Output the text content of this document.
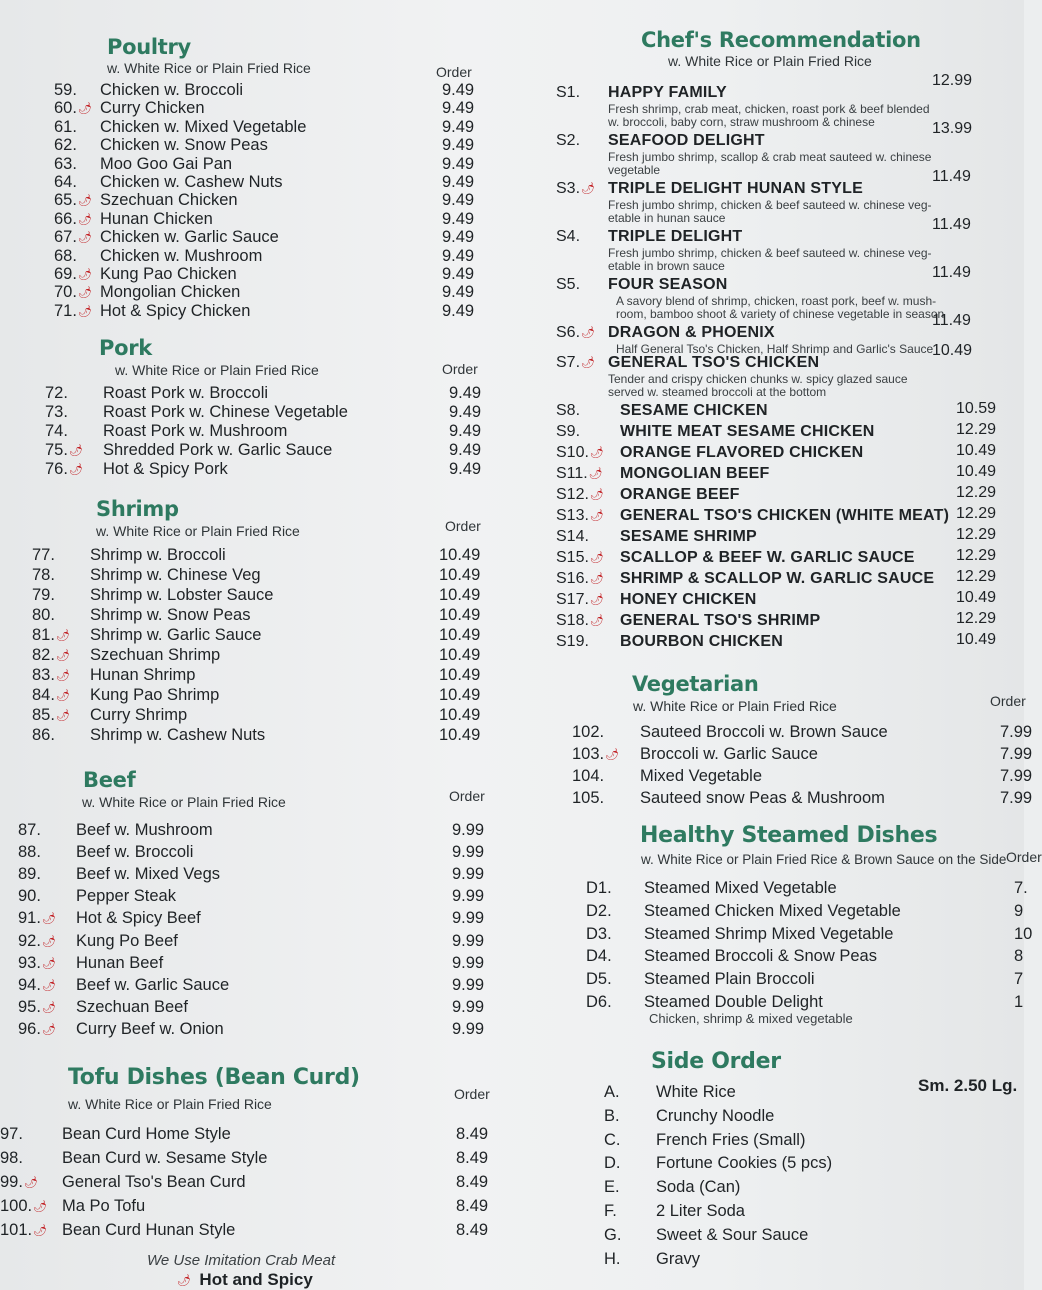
Poultry
w. White Rice or Plain Fried Rice	Order
59.	Chicken w. Broccoli	9.49
60.🌶 Curry Chicken	9.49
61.	Chicken w. Mixed Vegetable	9.49
62.	Chicken w. Snow Peas	9.49
63.	Moo Goo Gai Pan	9.49
64.	Chicken w. Cashew Nuts	9.49
65.🌶 Szechuan Chicken	9.49
66.🌶 Hunan Chicken	9.49
67.🌶 Chicken w. Garlic Sauce	9.49
68.	Chicken w. Mushroom	9.49
69.🌶 Kung Pao Chicken	9.49
70.🌶 Mongolian Chicken	9.49
71.🌶 Hot & Spicy Chicken	9.49
Pork
w. White Rice or Plain Fried Rice	Order
72.	Roast Pork w. Broccoli	9.49
73.	Roast Pork w. Chinese Vegetable	9.49
74.	Roast Pork w. Mushroom	9.49
75.🌶	Shredded Pork w. Garlic Sauce	9.49
76.🌶	Hot & Spicy Pork	9.49
Shrimp
w. White Rice or Plain Fried Rice	Order
77.	Shrimp w. Broccoli	10.49
78.	Shrimp w. Chinese Veg	10.49
79.	Shrimp w. Lobster Sauce	10.49
80.	Shrimp w. Snow Peas	10.49
81.🌶	Shrimp w. Garlic Sauce	10.49
82.🌶	Szechuan Shrimp	10.49
83.🌶	Hunan Shrimp	10.49
84.🌶	Kung Pao Shrimp	10.49
85.🌶	Curry Shrimp	10.49
86.	Shrimp w. Cashew Nuts	10.49
Beef
w. White Rice or Plain Fried Rice	Order
87.	Beef w. Mushroom	9.99
88.	Beef w. Broccoli	9.99
89.	Beef w. Mixed Vegs	9.99
90.	Pepper Steak	9.99
91.🌶	Hot & Spicy Beef	9.99
92.🌶	Kung Po Beef	9.99
93.🌶	Hunan Beef	9.99
94.🌶	Beef w. Garlic Sauce	9.99
95.🌶	Szechuan Beef	9.99
96.🌶	Curry Beef w. Onion	9.99
Tofu Dishes (Bean Curd)
w. White Rice or Plain Fried Rice
Order
97.	Bean Curd Home Style	8.49
98.	Bean Curd w. Sesame Style	8.49
99.🌶	General Tso's Bean Curd	8.49
100.🌶 Ma Po Tofu	8.49
101.🌶 Bean Curd Hunan Style	8.49
We Use Imitation Crab Meat
🌶 Hot and Spicy
Chef's Recommendation
w. White Rice or Plain Fried Rice
S1. HAPPY FAMILY
12.99
Fresh shrimp, crab meat, chicken, roast pork & beef blended
w. broccoli, baby corn, straw mushroom & chinese
S2. SEAFOOD DELIGHT
13.99
Fresh jumbo shrimp, scallop & crab meat sauteed w. chinese
vegetable
S3.🌶 TRIPLE DELIGHT HUNAN STYLE
11.49
Fresh jumbo shrimp, chicken & beef sauteed w. chinese veg-
etable in hunan sauce
S4. TRIPLE DELIGHT
11.49
Fresh jumbo shrimp, chicken & beef sauteed w. chinese veg-
etable in brown sauce
S5. FOUR SEASON
11.49
A savory blend of shrimp, chicken, roast pork, beef w. mush-
room, bamboo shoot & variety of chinese vegetable in season
S6.🌶 DRAGON & PHOENIX
11.49
Half General Tso's Chicken, Half Shrimp and Garlic's Sauce
S7.🌶 GENERAL TSO'S CHICKEN
10.49
Tender and crispy chicken chunks w. spicy glazed sauce
served w. steamed broccoli at the bottom
S8. SESAME CHICKEN	10.59
S9. WHITE MEAT SESAME CHICKEN	12.29
S10.🌶 ORANGE FLAVORED CHICKEN	10.49
S11.🌶 MONGOLIAN BEEF	10.49
S12.🌶 ORANGE BEEF	12.29
S13.🌶 GENERAL TSO'S CHICKEN (WHITE MEAT) 12.29
S14. SESAME SHRIMP	12.29
S15.🌶 SCALLOP & BEEF W. GARLIC SAUCE	12.29
S16.🌶 SHRIMP & SCALLOP W. GARLIC SAUCE 12.29
S17.🌶 HONEY CHICKEN	10.49
S18.🌶 GENERAL TSO'S SHRIMP	12.29
S19. BOURBON CHICKEN	10.49
Vegetarian
w. White Rice or Plain Fried Rice	Order
102.	Sauteed Broccoli w. Brown Sauce	7.99
103.🌶	Broccoli w. Garlic Sauce	7.99
104.	Mixed Vegetable	7.99
105.	Sauteed snow Peas & Mushroom	7.99
Healthy Steamed Dishes
w. White Rice or Plain Fried Rice & Brown Sauce on the Side Order
D1.	Steamed Mixed Vegetable	7.
D2.	Steamed Chicken Mixed Vegetable	9
D3.	Steamed Shrimp Mixed Vegetable	10
D4.	Steamed Broccoli & Snow Peas	8
D5.	Steamed Plain Broccoli	7
D6.	Steamed Double Delight	1
Chicken, shrimp & mixed vegetable
Side Order
Sm. 2.50 Lg.
A.	White Rice
B.	Crunchy Noodle
C.	French Fries (Small)
D.	Fortune Cookies (5 pcs)
E.	Soda (Can)
F.	2 Liter Soda
G.	Sweet & Sour Sauce
H.	Gravy
